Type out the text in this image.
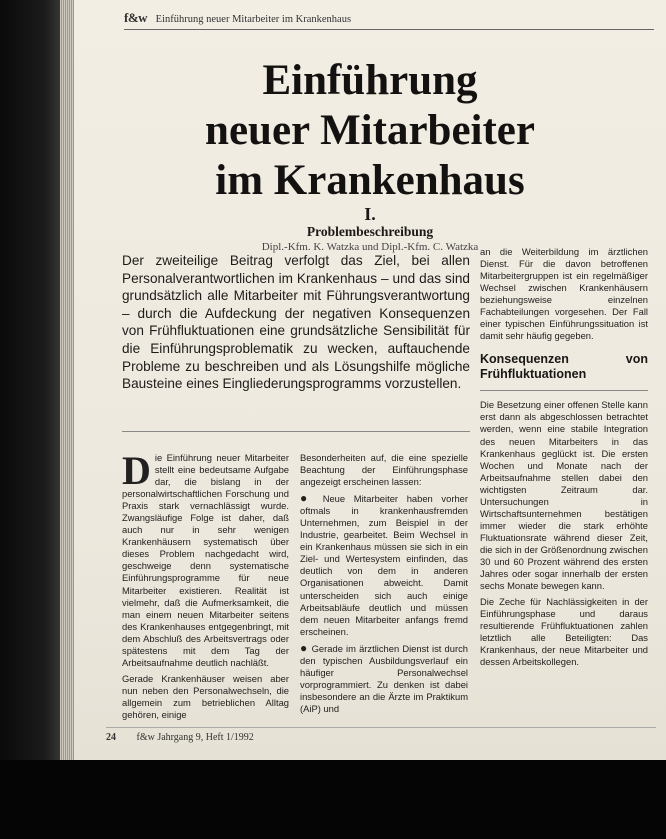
f&w Einführung neuer Mitarbeiter im Krankenhaus
Einführung
neuer Mitarbeiter
im Krankenhaus
I.
Problembeschreibung
Dipl.-Kfm. K. Watzka und Dipl.-Kfm. C. Watzka
Der zweiteilige Beitrag verfolgt das Ziel, bei allen Personalverantwortlichen im Krankenhaus – und das sind grundsätzlich alle Mitarbeiter mit Führungsverantwortung – durch die Aufdeckung der negativen Konsequenzen von Frühfluktuationen eine grundsätzliche Sensibilität für die Einführungsproblematik zu wecken, auftauchende Probleme zu beschreiben und als Lösungshilfe mögliche Bausteine eines Eingliederungsprogramms vorzustellen.

Die Einführung neuer Mitarbeiter stellt eine bedeutsame Aufgabe dar, die bislang in der personalwirtschaftlichen Forschung und Praxis stark vernachlässigt wurde. Zwangsläufige Folge ist daher, daß auch nur in sehr wenigen Krankenhäusern systematisch über dieses Problem nachgedacht wird, geschweige denn systematische Einführungsprogramme für neue Mitarbeiter existieren. Realität ist vielmehr, daß die Aufmerksamkeit, die man einem neuen Mitarbeiter seitens des Krankenhauses entgegenbringt, mit dem Abschluß des Arbeitsvertrags oder spätestens mit dem Tag der Arbeitsaufnahme deutlich nachläßt.

Gerade Krankenhäuser weisen aber nun neben den Personalwechseln, die allgemein zum betrieblichen Alltag gehören, einige

Besonderheiten auf, die eine spezielle Beachtung der Einführungsphase angezeigt erscheinen lassen:

● Neue Mitarbeiter haben vorher oftmals in krankenhausfremden Unternehmen, zum Beispiel in der Industrie, gearbeitet. Beim Wechsel in ein Krankenhaus müssen sie sich in ein Ziel- und Wertesystem einfinden, das deutlich von dem in anderen Organisationen abweicht. Damit unterscheiden sich auch einige Arbeitsabläufe deutlich und müssen dem neuen Mitarbeiter anfangs fremd erscheinen.

● Gerade im ärztlichen Dienst ist durch den typischen Ausbildungsverlauf ein häufiger Personalwechsel vorprogrammiert. Zu denken ist dabei insbesondere an die Ärzte im Praktikum (AiP) und

an die Weiterbildung im ärztlichen Dienst. Für die davon betroffenen Mitarbeitergruppen ist ein regelmäßiger Wechsel zwischen Krankenhäusern beziehungsweise einzelnen Fachabteilungen vorgesehen. Der Fall einer typischen Einführungssituation ist damit sehr häufig gegeben.

Konsequenzen von Frühfluktuationen

Die Besetzung einer offenen Stelle kann erst dann als abgeschlossen betrachtet werden, wenn eine stabile Integration des neuen Mitarbeiters in das Krankenhaus geglückt ist. Die ersten Wochen und Monate nach der Arbeitsaufnahme stellen dabei den wichtigsten Zeitraum dar. Untersuchungen in Wirtschaftsunternehmen bestätigen immer wieder die stark erhöhte Fluktuationsrate während dieser Zeit, die sich in der Größenordnung zwischen 30 und 60 Prozent während des ersten Jahres oder sogar innerhalb der ersten sechs Monate bewegen kann.

Die Zeche für Nachlässigkeiten in der Einführungsphase und daraus resultierende Frühfluktuationen zahlen letztlich alle Beteiligten: Das Krankenhaus, der neue Mitarbeiter und dessen Arbeitskollegen.

24 f&w Jahrgang 9, Heft 1/1992
